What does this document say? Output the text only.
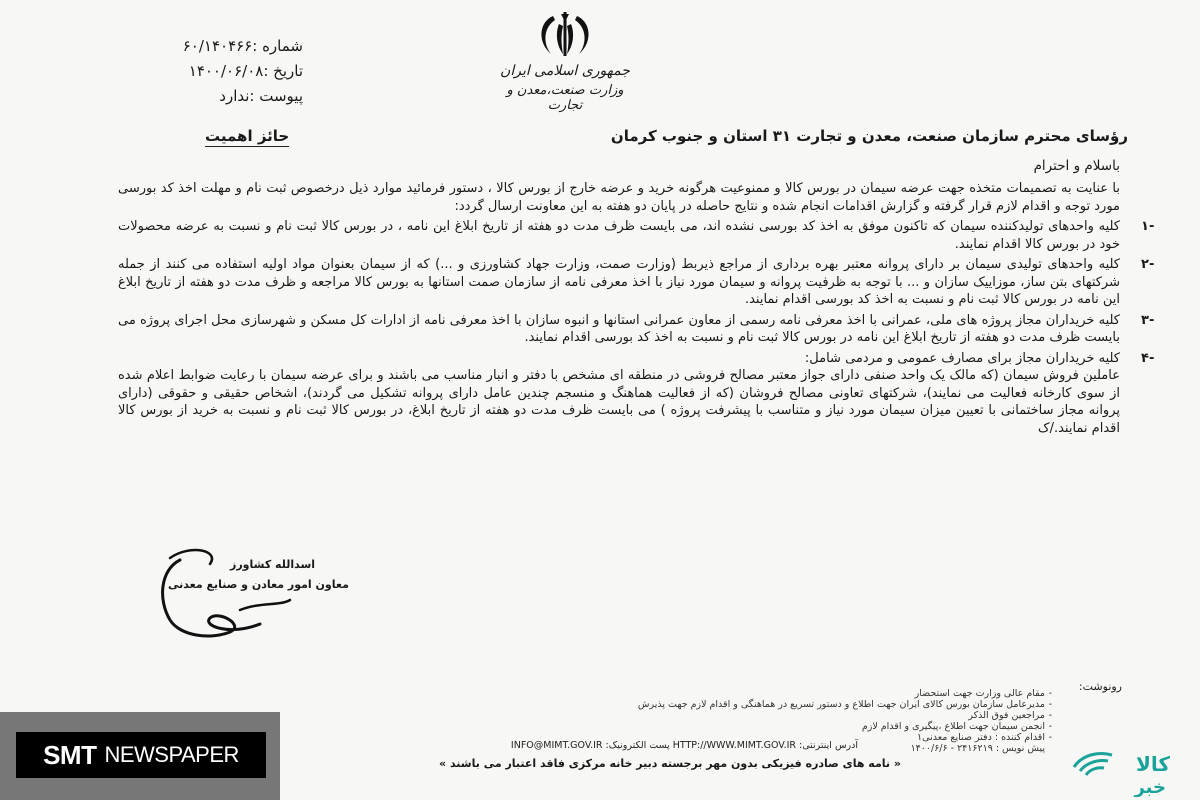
شماره :۶۰/۱۴۰۴۶۶
تاریخ :۱۴۰۰/۰۶/۰۸
پیوست :ندارد
جمهوری اسلامی ایران
وزارت صنعت،معدن و تجارت
رؤسای محترم سازمان صنعت، معدن و تجارت ۳۱ استان و جنوب کرمان
حائز اهمیت
باسلام و احترام

با عنایت به تصمیمات متخذه جهت عرضه سیمان در بورس کالا و ممنوعیت هرگونه خرید و عرضه خارج از بورس کالا ، دستور فرمائید موارد ذیل درخصوص ثبت نام و مهلت اخذ کد بورسی مورد توجه و اقدام لازم قرار گرفته و گزارش اقدامات انجام شده و نتایج حاصله در پایان دو هفته به این معاونت ارسال گردد:

-۱
کلیه واحدهای تولیدکننده سیمان که تاکنون موفق به اخذ کد بورسی نشده اند، می بایست ظرف مدت دو هفته از تاریخ ابلاغ این نامه ، در بورس کالا ثبت نام و نسبت به عرضه محصولات خود در بورس کالا اقدام نمایند.
-۲
کلیه واحدهای تولیدی سیمان بر دارای پروانه معتبر بهره برداری از مراجع ذیربط (وزارت صمت، وزارت جهاد کشاورزی و ...) که از سیمان بعنوان مواد اولیه استفاده می کنند از جمله شرکتهای بتن ساز، موزاییک سازان و ... با توجه به ظرفیت پروانه و سیمان مورد نیاز با اخذ معرفی نامه از سازمان صمت استانها به بورس کالا مراجعه و ظرف مدت دو هفته از تاریخ ابلاغ این نامه در بورس کالا ثبت نام و نسبت به اخذ کد بورسی اقدام نمایند.
-۳
کلیه خریداران مجاز پروژه های ملی، عمرانی با اخذ معرفی نامه رسمی از معاون عمرانی استانها و انبوه سازان با اخذ معرفی نامه از ادارات کل مسکن و شهرسازی محل اجرای پروژه می بایست ظرف مدت دو هفته از تاریخ ابلاغ این نامه در بورس کالا ثبت نام و نسبت به اخذ کد بورسی اقدام نمایند.
-۴
کلیه خریداران مجاز برای مصارف عمومی و مردمی شامل:

عاملین فروش سیمان (که مالک یک واحد صنفی دارای جواز معتبر مصالح فروشی در منطقه ای مشخص با دفتر و انبار مناسب می باشند و برای عرضه سیمان با رعایت ضوابط اعلام شده از سوی کارخانه فعالیت می نمایند)، شرکتهای تعاونی مصالح فروشان (که از فعالیت هماهنگ و منسجم چندین عامل دارای پروانه تشکیل می گردند)، اشخاص حقیقی و حقوقی (دارای پروانه مجاز ساختمانی با تعیین میزان سیمان مورد نیاز و متناسب با پیشرفت پروژه ) می بایست ظرف مدت دو هفته از تاریخ ابلاغ، در بورس کالا ثبت نام و نسبت به خرید از بورس کالا اقدام نمایند./ک

اسدالله کشاورز
معاون امور معادن و صنایع معدنی
رونوشت:
-
-
-
-
-
مقام عالی وزارت جهت استحضار
مدیرعامل سازمان بورس کالای ایران جهت اطلاع و دستور تسریع در هماهنگی و اقدام لازم جهت پذیرش مراجعین فوق الذکر
انجمن سیمان جهت اطلاع ،پیگیری و اقدام لازم
اقدام کننده : دفتر صنایع معدنی۱
پیش نویس : ۲۴۱۶۲۱۹ - ۱۴۰۰/۶/۶
آدرس اینترنتی: HTTP://WWW.MIMT.GOV.IR پست الکترونیک: INFO@MIMT.GOV.IR
« نامه های صادره فیزیکی بدون مهر برجسته دبیر خانه مرکزی فاقد اعتبار می باشند »
SMT NEWSPAPER	کالا
خبر
